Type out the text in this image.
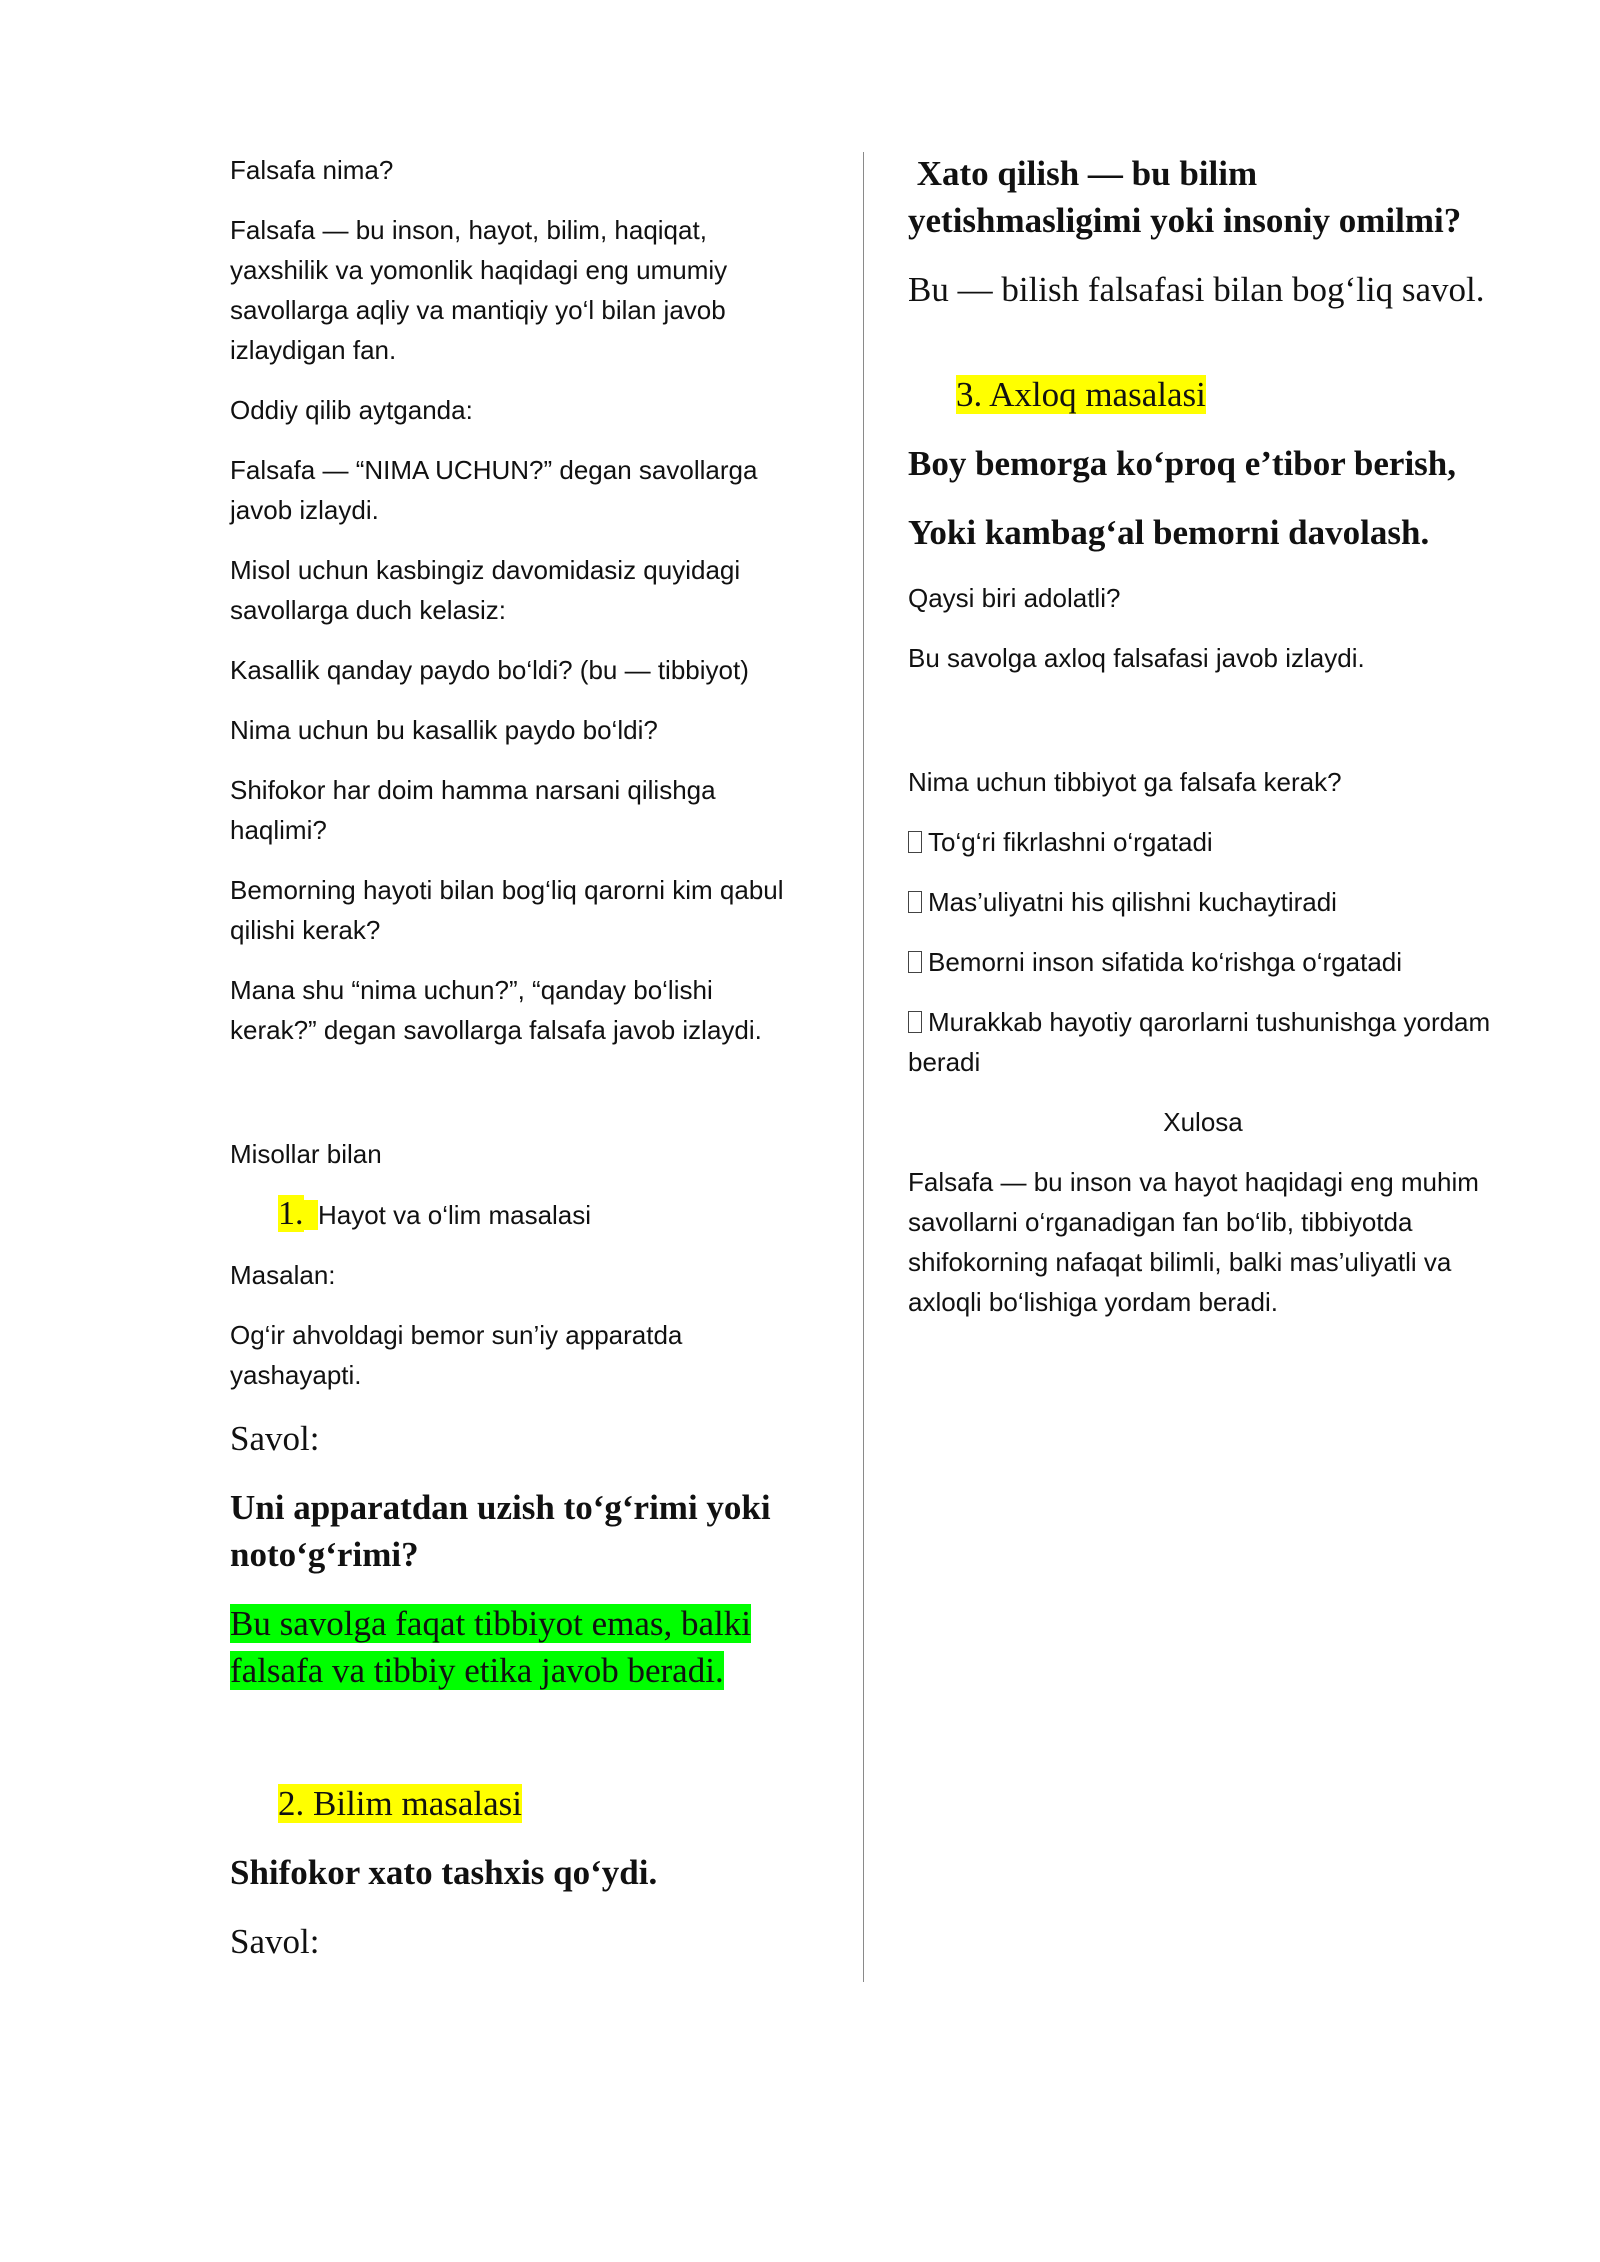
Falsafa nima?

Falsafa — bu inson, hayot, bilim, haqiqat, yaxshilik va yomonlik haqidagi eng umumiy savollarga aqliy va mantiqiy yo‘l bilan javob izlaydigan fan.

Oddiy qilib aytganda:

Falsafa — “NIMA UCHUN?” degan savollarga javob izlaydi.

Misol uchun kasbingiz davomidasiz quyidagi savollarga duch kelasiz:

Kasallik qanday paydo bo‘ldi? (bu — tibbiyot)

Nima uchun bu kasallik paydo bo‘ldi?

Shifokor har doim hamma narsani qilishga haqlimi?

Bemorning hayoti bilan bog‘liq qarorni kim qabul qilishi kerak?

Mana shu “nima uchun?”, “qanday bo‘lishi kerak?” degan savollarga falsafa javob izlaydi.

Misollar bilan

1. Hayot va o‘lim masalasi

Masalan:

Og‘ir ahvoldagi bemor sun’iy apparatda yashayapti.

Savol:

Uni apparatdan uzish to‘g‘rimi yoki noto‘g‘rimi?

Bu savolga faqat tibbiyot emas, balki falsafa va tibbiy etika javob beradi.

2. Bilim masalasi

Shifokor xato tashxis qo‘ydi.

Savol:

Xato qilish — bu bilim yetishmasligimi yoki insoniy omilmi?

Bu — bilish falsafasi bilan bog‘liq savol.

3. Axloq masalasi

Boy bemorga ko‘proq e’tibor berish,

Yoki kambag‘al bemorni davolash.

Qaysi biri adolatli?

Bu savolga axloq falsafasi javob izlaydi.

Nima uchun tibbiyot ga falsafa kerak?

To‘g‘ri fikrlashni o‘rgatadi

Mas’uliyatni his qilishni kuchaytiradi

Bemorni inson sifatida ko‘rishga o‘rgatadi

Murakkab hayotiy qarorlarni tushunishga yordam beradi

Xulosa

Falsafa — bu inson va hayot haqidagi eng muhim savollarni o‘rganadigan fan bo‘lib, tibbiyotda shifokorning nafaqat bilimli, balki mas’uliyatli va axloqli bo‘lishiga yordam beradi.
